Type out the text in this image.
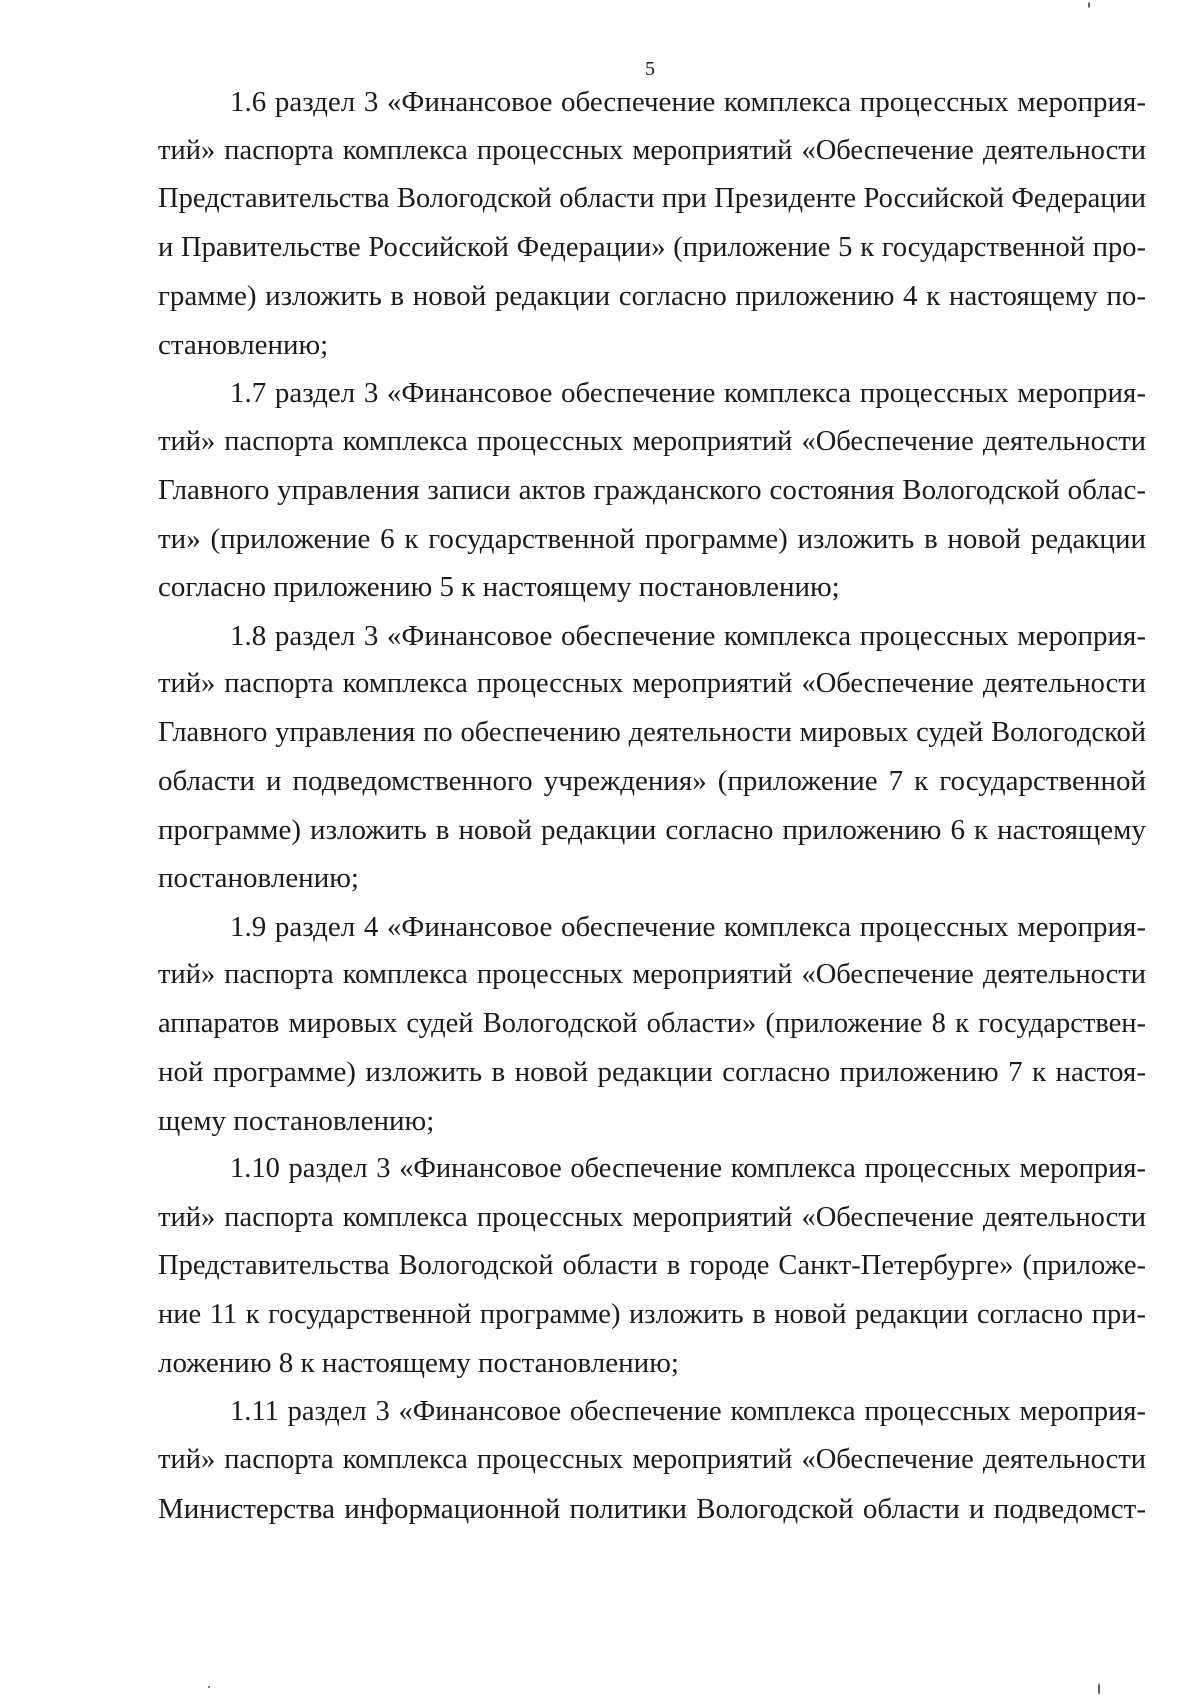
5
1.6 раздел 3 «Финансовое обеспечение комплекса процессных мероприя-
тий» паспорта комплекса процессных мероприятий «Обеспечение деятельности
Представительства Вологодской области при Президенте Российской Федерации
и Правительстве Российской Федерации» (приложение 5 к государственной про-
грамме) изложить в новой редакции согласно приложению 4 к настоящему по-
становлению;
1.7 раздел 3 «Финансовое обеспечение комплекса процессных мероприя-
тий» паспорта комплекса процессных мероприятий «Обеспечение деятельности
Главного управления записи актов гражданского состояния Вологодской облас-
ти» (приложение 6 к государственной программе) изложить в новой редакции
согласно приложению 5 к настоящему постановлению;
1.8 раздел 3 «Финансовое обеспечение комплекса процессных мероприя-
тий» паспорта комплекса процессных мероприятий «Обеспечение деятельности
Главного управления по обеспечению деятельности мировых судей Вологодской
области и подведомственного учреждения» (приложение 7 к государственной
программе) изложить в новой редакции согласно приложению 6 к настоящему
постановлению;
1.9 раздел 4 «Финансовое обеспечение комплекса процессных мероприя-
тий» паспорта комплекса процессных мероприятий «Обеспечение деятельности
аппаратов мировых судей Вологодской области» (приложение 8 к государствен-
ной программе) изложить в новой редакции согласно приложению 7 к настоя-
щему постановлению;
1.10 раздел 3 «Финансовое обеспечение комплекса процессных мероприя-
тий» паспорта комплекса процессных мероприятий «Обеспечение деятельности
Представительства Вологодской области в городе Санкт-Петербурге» (приложе-
ние 11 к государственной программе) изложить в новой редакции согласно при-
ложению 8 к настоящему постановлению;
1.11 раздел 3 «Финансовое обеспечение комплекса процессных мероприя-
тий» паспорта комплекса процессных мероприятий «Обеспечение деятельности
Министерства информационной политики Вологодской области и подведомст-
